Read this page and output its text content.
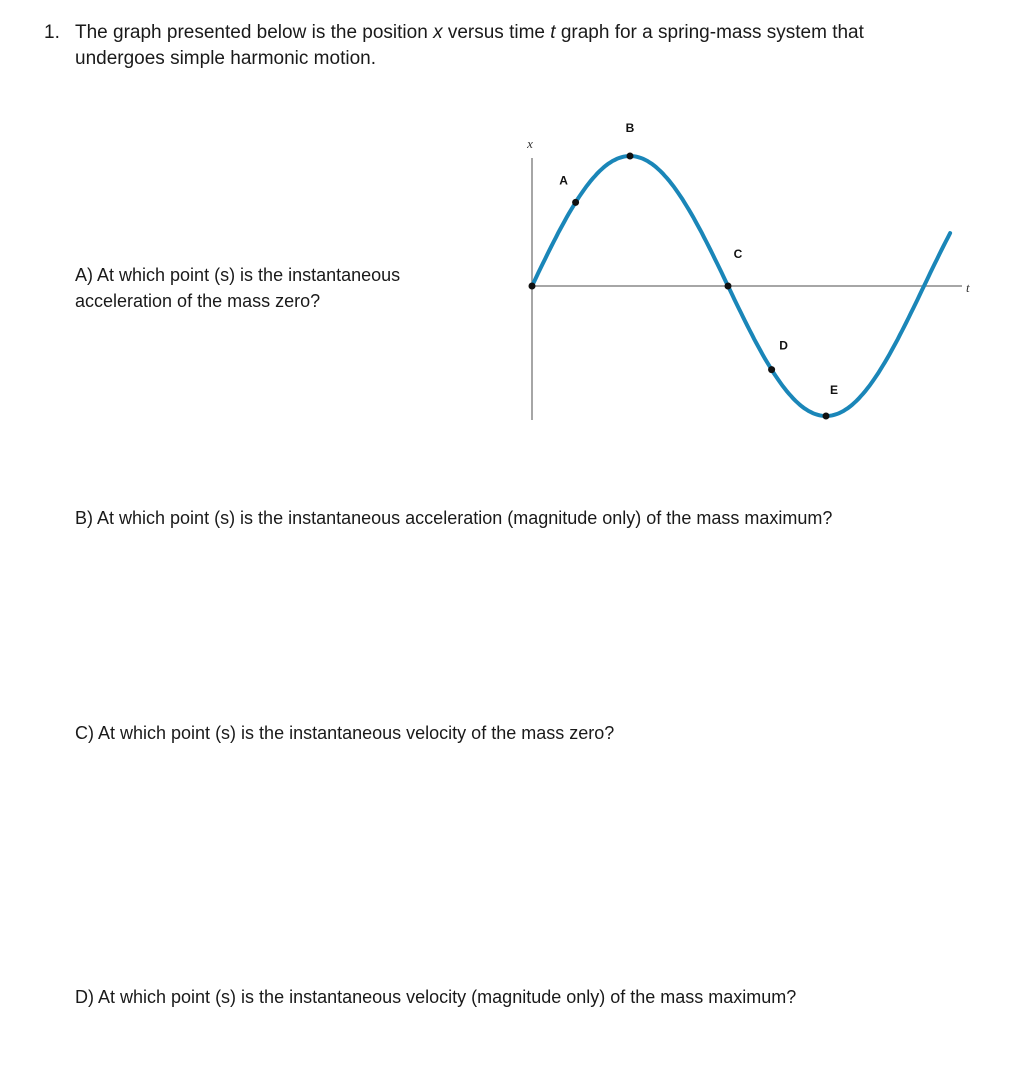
1. The graph presented below is the position x versus time t graph for a spring-mass system that undergoes simple harmonic motion.
A) At which point (s) is the instantaneous acceleration of the mass zero?
B) At which point (s) is the instantaneous acceleration (magnitude only) of the mass maximum?
C) At which point (s) is the instantaneous velocity of the mass zero?
D) At which point (s) is the instantaneous velocity (magnitude only) of the mass maximum?
x
t
A
B
C
D
E
